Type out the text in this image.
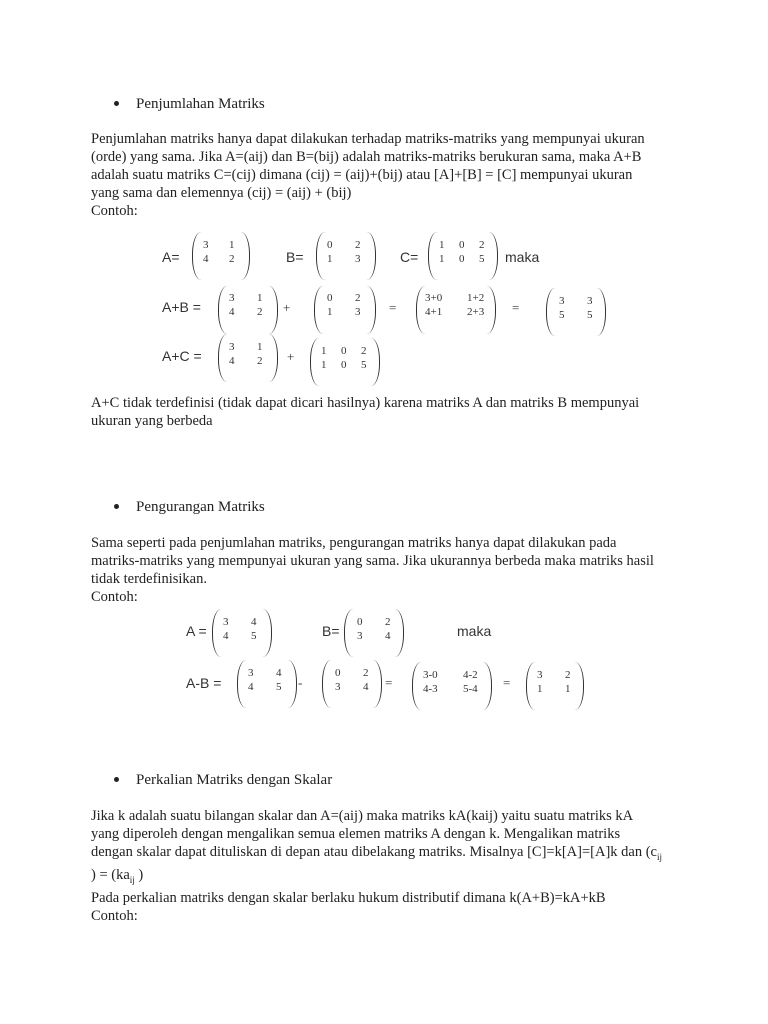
Penjumlahan Matriks
Penjumlahan matriks hanya dapat dilakukan terhadap matriks-matriks yang mempunyai ukuran
(orde) yang sama. Jika A=(aij) dan B=(bij) adalah matriks-matriks berukuran sama, maka A+B
adalah suatu matriks C=(cij) dimana (cij) = (aij)+(bij) atau [A]+[B] = [C] mempunyai ukuran
yang sama dan elemennya (cij) = (aij) + (bij)
Contoh:
A=
3 1
4 2	B=
0 2
1 3	C=
1 0 2
1 0 5 maka
A+B =
3 1
4 2 +
0 2
1 3 =
3+0 1+2
4+1 2+3 =	3 3
5 5
A+C =
3 1
4 2 + 1 0 2
1 0 5
A+C tidak terdefinisi (tidak dapat dicari hasilnya) karena matriks A dan matriks B mempunyai
ukuran yang berbeda
Pengurangan Matriks
Sama seperti pada penjumlahan matriks, pengurangan matriks hanya dapat dilakukan pada
matriks-matriks yang mempunyai ukuran yang sama. Jika ukurannya berbeda maka matriks hasil
tidak terdefinisikan.
Contoh:
A =
3 4
4 5	B=
0 2
3 4	maka
A-B =
3 4
4 5 -
0 2
3 4 =	3-0 4-2
4-3 5-4 = 3 2
1 1
Perkalian Matriks dengan Skalar
Jika k adalah suatu bilangan skalar dan A=(aij) maka matriks kA(kaij) yaitu suatu matriks kA
yang diperoleh dengan mengalikan semua elemen matriks A dengan k. Mengalikan matriks
dengan skalar dapat dituliskan di depan atau dibelakang matriks. Misalnya [C]=k[A]=[A]k dan ($c_{ij}$
) = ($ka_{ij}$ )
Pada perkalian matriks dengan skalar berlaku hukum distributif dimana k(A+B)=kA+kB
Contoh:
